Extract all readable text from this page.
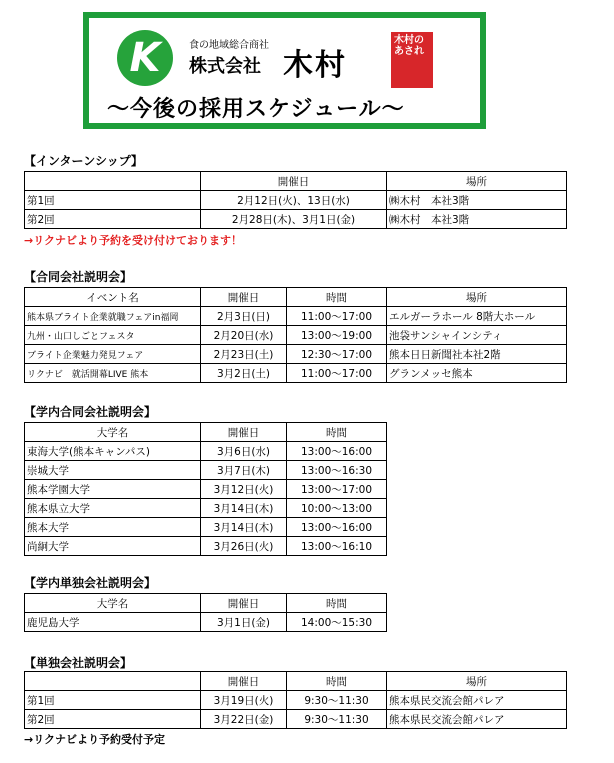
K	食の地域総合商社
株式会社 木村
木村のあされ
〜今後の採用スケジュール〜
【インターンシップ】
	開催日	場所
第1回	2月12日(火)、13日(水)	㈱木村　本社3階
第2回	2月28日(木)、3月1日(金)	㈱木村　本社3階
→リクナビより予約を受け付けております！
【合同会社説明会】
イベント名	開催日	時間	場所
熊本県ブライト企業就職フェアin福岡	2月3日(日)	11:00〜17:00	エルガーラホール 8階大ホール
九州・山口しごとフェスタ	2月20日(水)	13:00〜19:00	池袋サンシャインシティ
ブライト企業魅力発見フェア	2月23日(土)	12:30〜17:00	熊本日日新聞社本社2階
リクナビ　就活開幕LIVE 熊本	3月2日(土)	11:00〜17:00	グランメッセ熊本
【学内合同会社説明会】
大学名	開催日	時間
東海大学(熊本キャンパス)	3月6日(水)	13:00〜16:00
崇城大学	3月7日(木)	13:00〜16:30
熊本学園大学	3月12日(火)	13:00〜17:00
熊本県立大学	3月14日(木)	10:00〜13:00
熊本大学	3月14日(木)	13:00〜16:00
尚絅大学	3月26日(火)	13:00〜16:10
【学内単独会社説明会】
大学名	開催日	時間
鹿児島大学	3月1日(金)	14:00〜15:30
【単独会社説明会】
	開催日	時間	場所
第1回	3月19日(火)	9:30〜11:30	熊本県民交流会館パレア
第2回	3月22日(金)	9:30〜11:30	熊本県民交流会館パレア
→リクナビより予約受付予定
